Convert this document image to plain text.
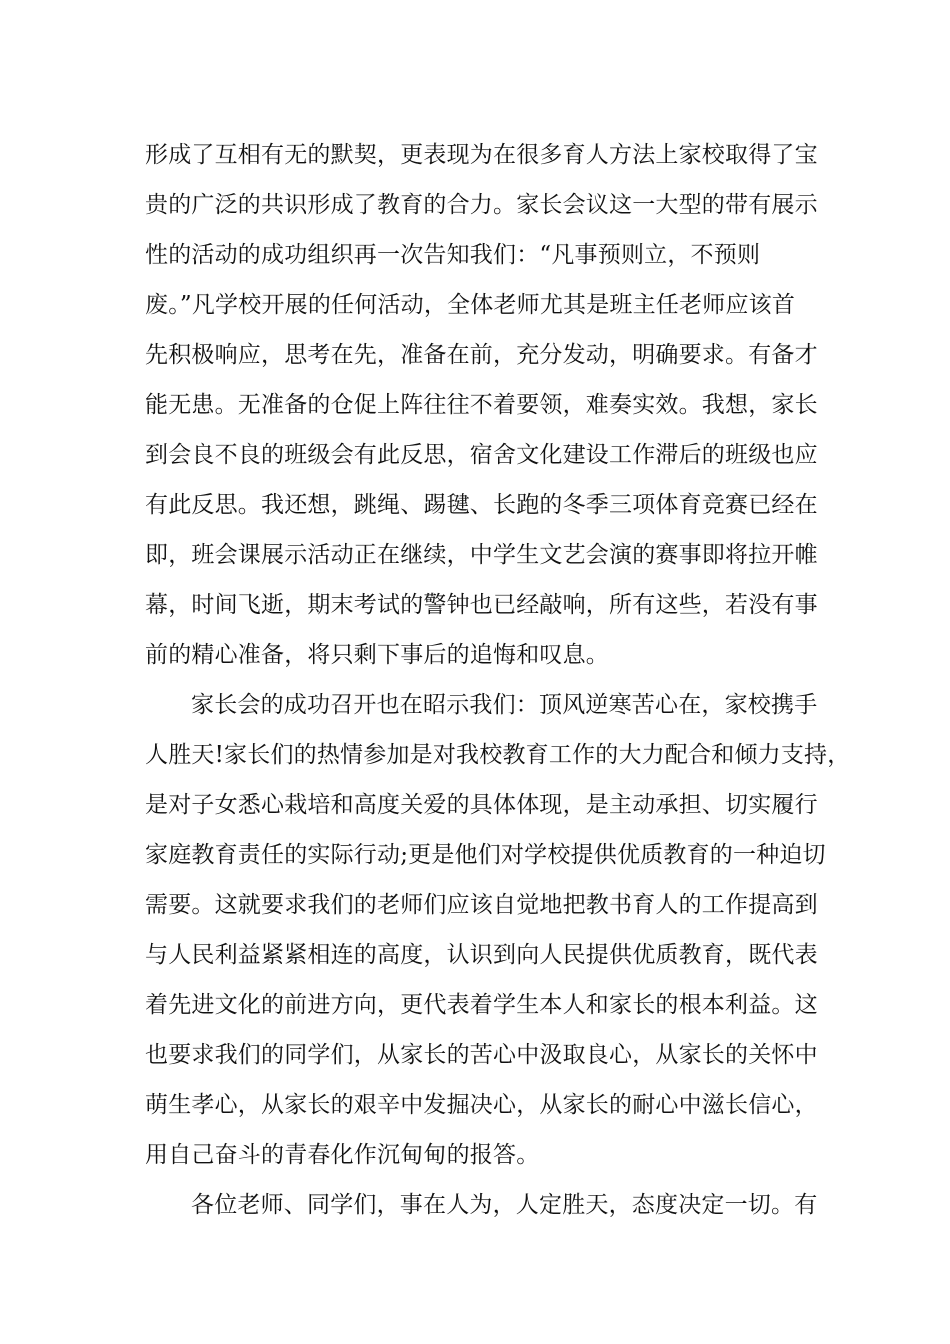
形成了互相有无的默契，更表现为在很多育人方法上家校取得了宝
贵的广泛的共识形成了教育的合力。家长会议这一大型的带有展示
性的活动的成功组织再一次告知我们：“凡事预则立，不预则
废。”凡学校开展的任何活动，全体老师尤其是班主任老师应该首
先积极响应，思考在先，准备在前，充分发动，明确要求。有备才
能无患。无准备的仓促上阵往往不着要领，难奏实效。我想，家长
到会良不良的班级会有此反思，宿舍文化建设工作滞后的班级也应
有此反思。我还想，跳绳、踢毽、长跑的冬季三项体育竞赛已经在
即，班会课展示活动正在继续，中学生文艺会演的赛事即将拉开帷
幕，时间飞逝，期末考试的警钟也已经敲响，所有这些，若没有事
前的精心准备，将只剩下事后的追悔和叹息。
家长会的成功召开也在昭示我们：顶风逆寒苦心在，家校携手
人胜天!家长们的热情参加是对我校教育工作的大力配合和倾力支持，
是对子女悉心栽培和高度关爱的具体体现，是主动承担、切实履行
家庭教育责任的实际行动;更是他们对学校提供优质教育的一种迫切
需要。这就要求我们的老师们应该自觉地把教书育人的工作提高到
与人民利益紧紧相连的高度，认识到向人民提供优质教育，既代表
着先进文化的前进方向，更代表着学生本人和家长的根本利益。这
也要求我们的同学们，从家长的苦心中汲取良心，从家长的关怀中
萌生孝心，从家长的艰辛中发掘决心，从家长的耐心中滋长信心，
用自己奋斗的青春化作沉甸甸的报答。
各位老师、同学们，事在人为，人定胜天，态度决定一切。有
